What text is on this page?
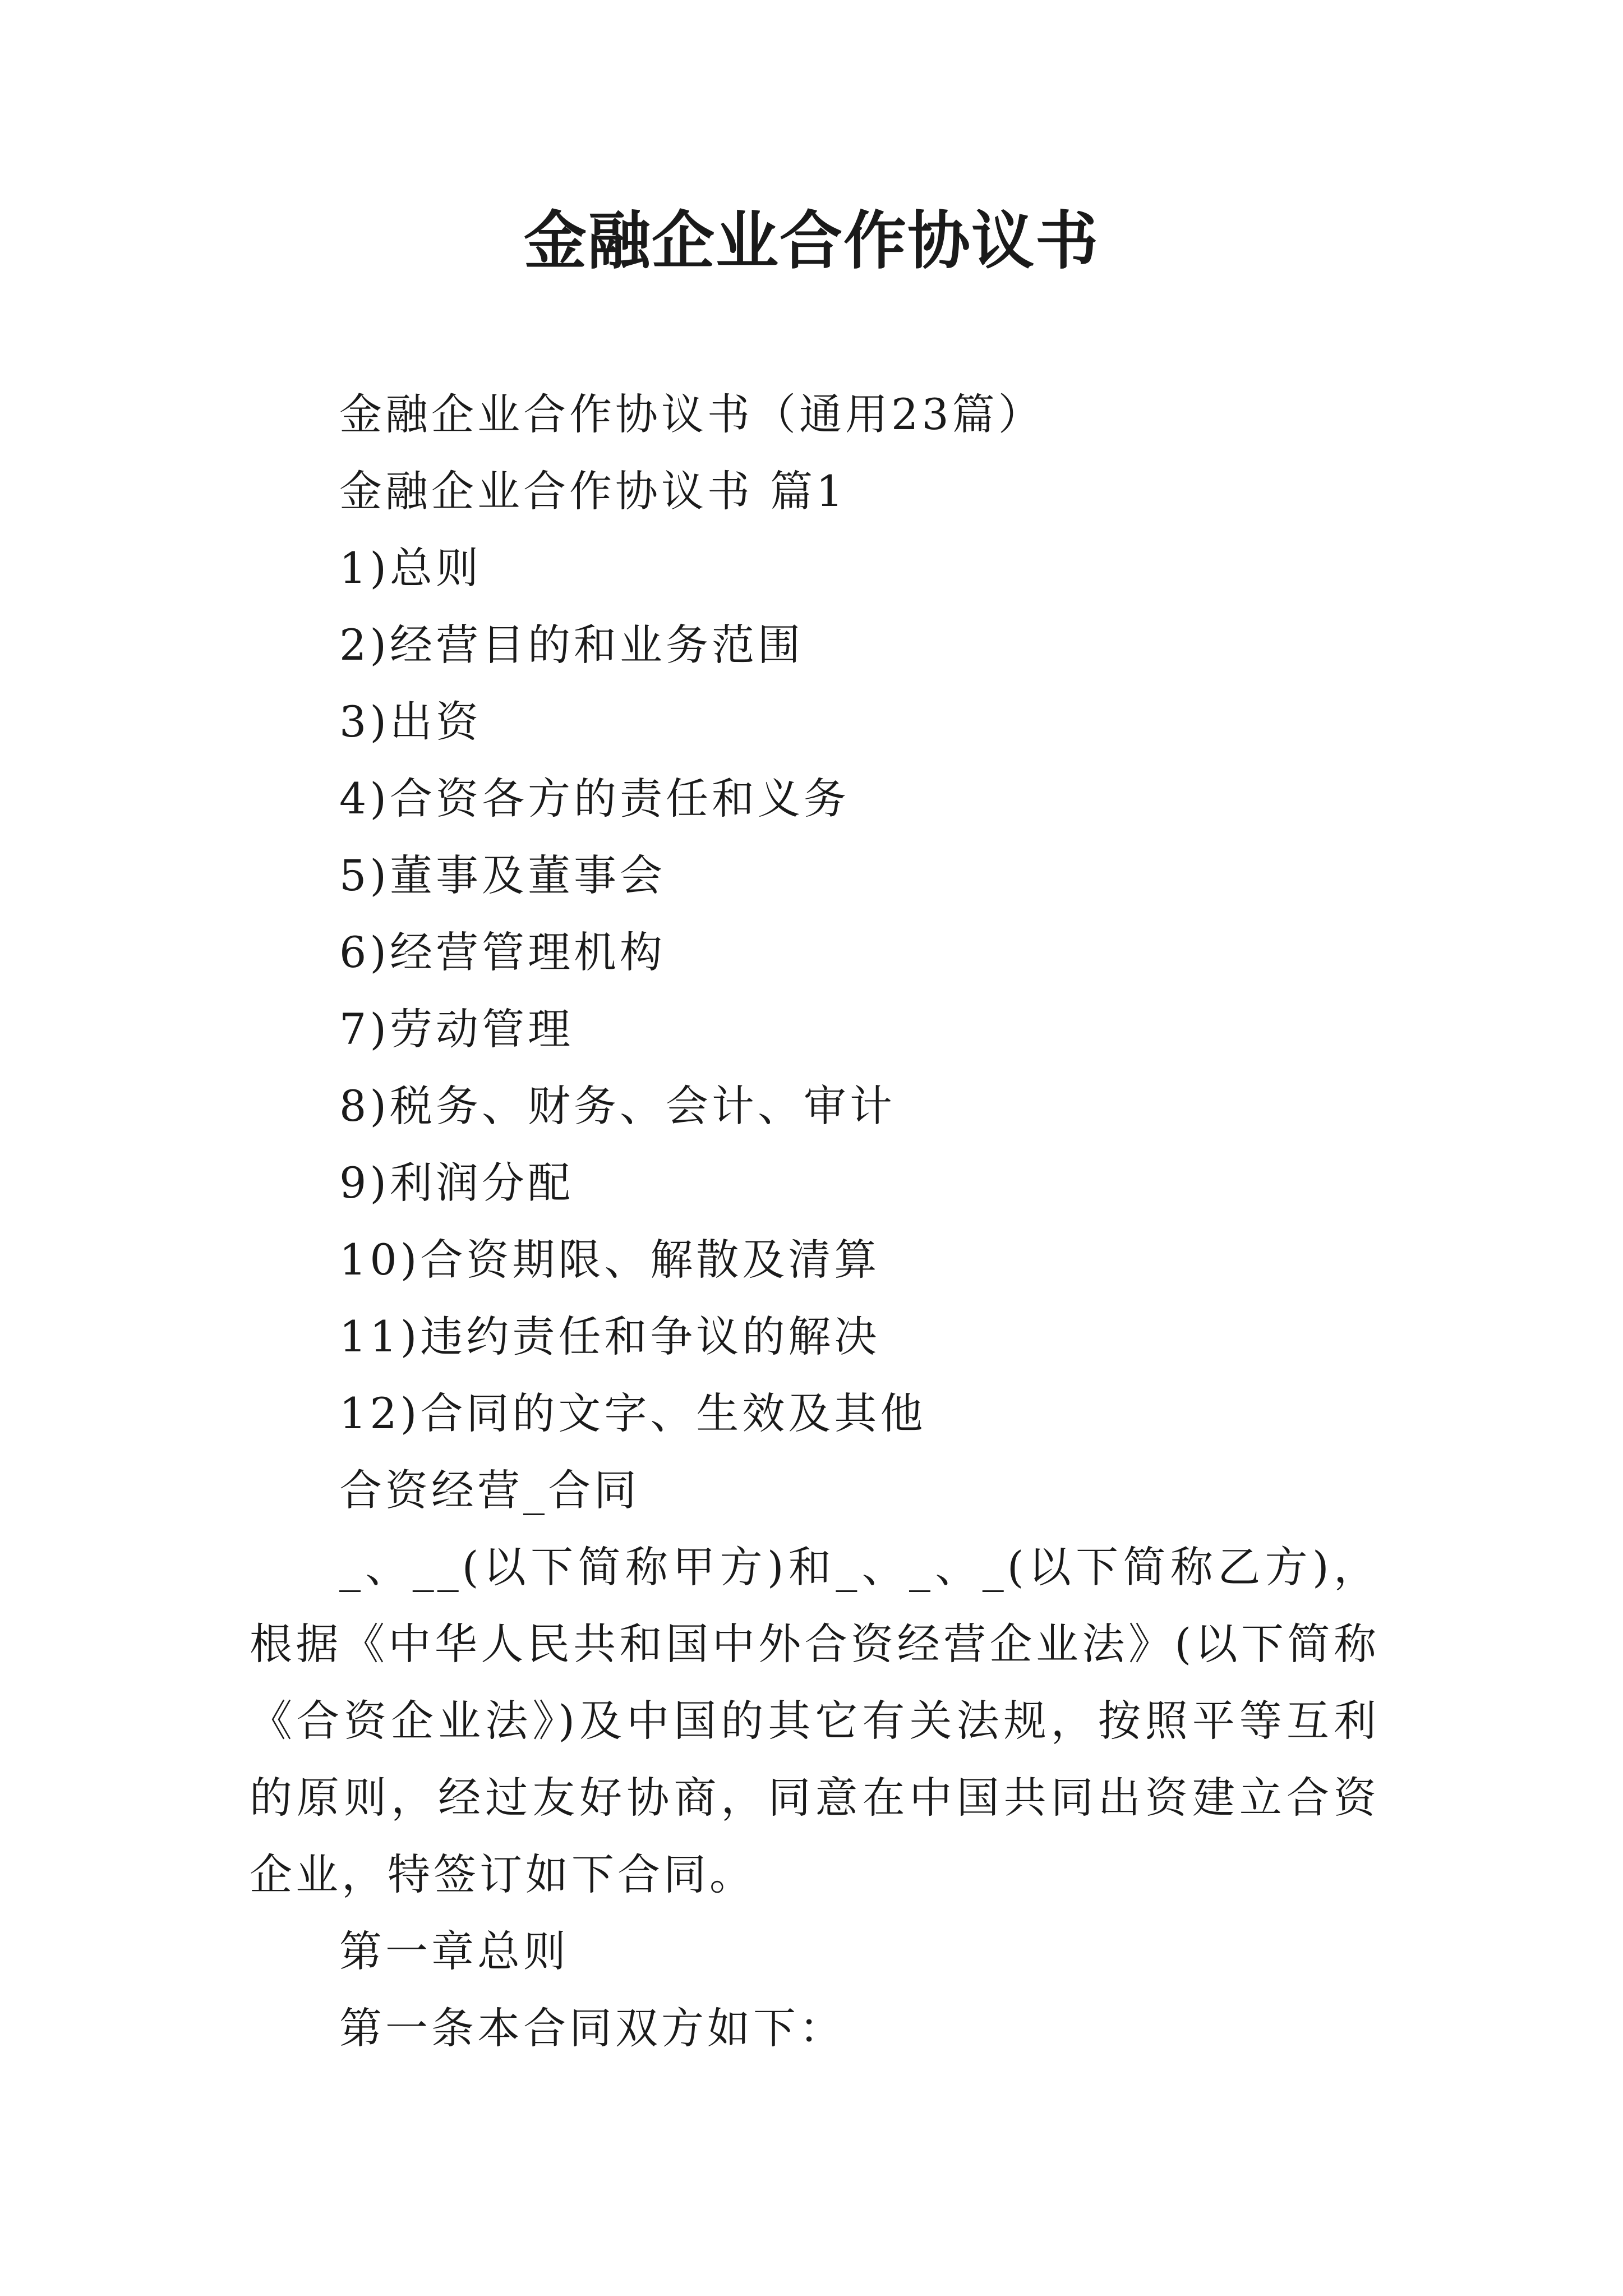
金融企业合作协议书
金融企业合作协议书（通用23篇）
金融企业合作协议书 篇1
1)总则
2)经营目的和业务范围
3)出资
4)合资各方的责任和义务
5)董事及董事会
6)经营管理机构
7)劳动管理
8)税务、财务、会计、审计
9)利润分配
10)合资期限、解散及清算
11)违约责任和争议的解决
12)合同的文字、生效及其他
合资经营_合同

_、__(以下简称甲方)和_、_、_(以下简称乙方)，根据《中华人民共和国中外合资经营企业法》(以下简称《合资企业法》)及中国的其它有关法规，按照平等互利的原则，经过友好协商，同意在中国共同出资建立合资企业，特签订如下合同。

第一章总则
第一条本合同双方如下：
